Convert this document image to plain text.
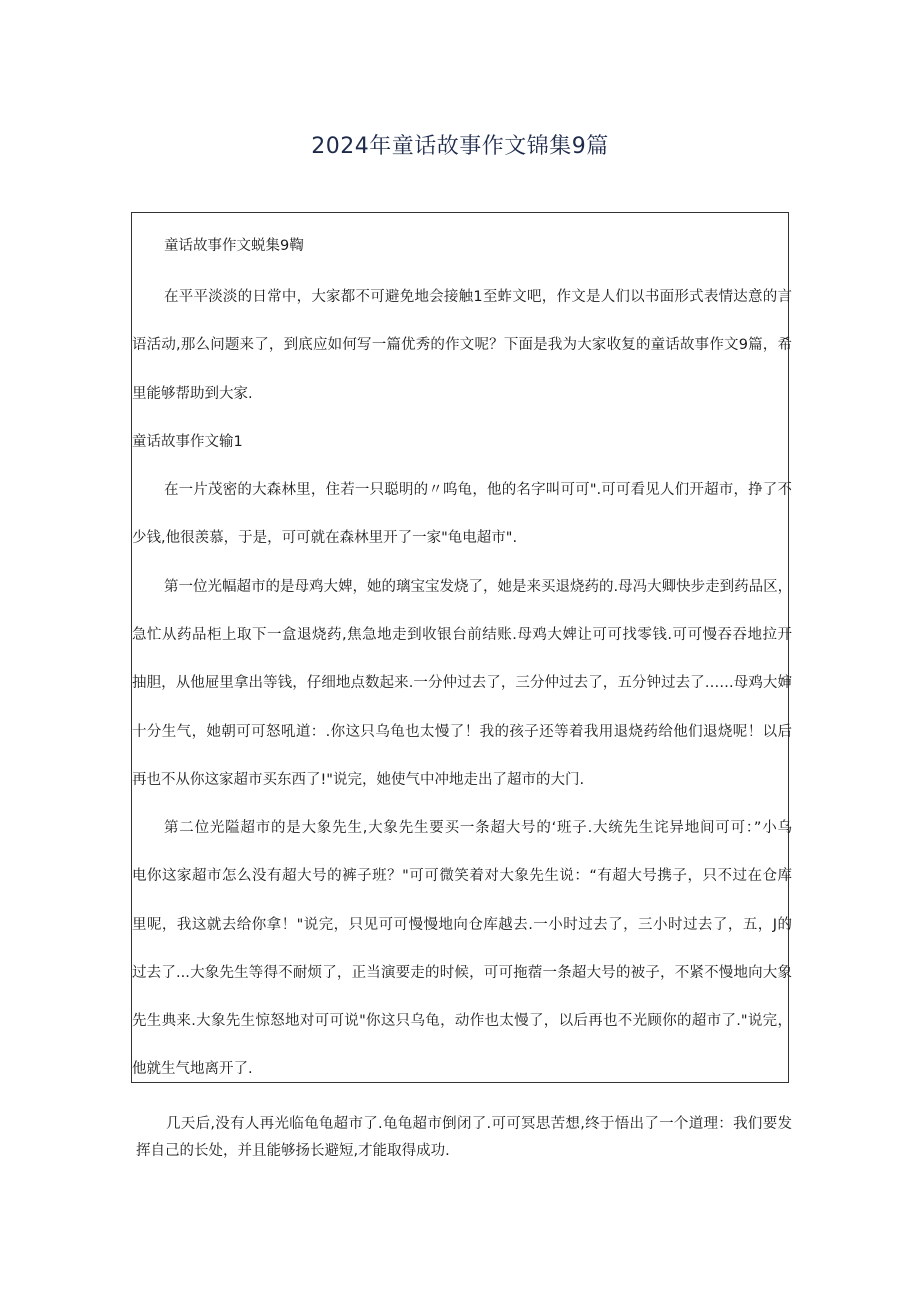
2024年童话故事作文锦集9篇
童话故事作文蜕集9鞫
在平平淡淡的日常中，大家都不可避免地会接触1至蚱文吧，作文是人们以书面形式表情达意的言
语活动,那么问题来了，到底应如何写一篇优秀的作文呢？下面是我为大家收复的童话故事作文9篇，希
里能够帮助到大家.
童话故事作文输1
在一片茂密的大森林里，住若一只聪明的〃呜龟，他的名字叫可可".可可看见人们开超市，挣了不
少钱,他很羡慕，于是，可可就在森林里开了一家"龟电超市".
第一位光幅超市的是母鸡大婢，她的璃宝宝发烧了，她是来买退烧药的.母冯大卿快步走到药品区，
急忙从药品柜上取下一盒退烧药,焦急地走到收银台前结账.母鸡大婢让可可找零钱.可可慢吞吞地拉开
抽胆，从他屉里拿出等钱，仔细地点数起来.一分仲过去了，三分仲过去了，五分钟过去了……母鸡大婶
十分生气，她朝可可怒吼道：.你这只乌龟也太慢了！我的孩子还等着我用退烧药给他们退烧呢！以后
再也不从你这家超市买东西了!"说完，她使气中冲地走出了超市的大门.
第二位光隘超市的是大象先生,大象先生要买一条超大号的‘班子.大统先生诧异地间可可：”小乌
电你这家超市怎么没有超大号的裤子班？"可可微笑着对大象先生说：“有超大号携子，只不过在仓库
里呢，我这就去给你拿！"说完，只见可可慢慢地向仓库越去.一小时过去了，三小时过去了，五，J的
过去了...大象先生等得不耐烦了，正当演要走的时候，可可拖蓿一条超大号的被子，不紧不慢地向大象
先生典来.大象先生惊怒地对可可说"你这只乌龟，动作也太慢了，以后再也不光顾你的超市了."说完，
他就生气地离开了.
几天后,没有人再光临龟龟超市了.龟龟超市倒闭了.可可冥思苦想,终于悟出了一个道理：我们要发
挥自己的长处，并且能够扬长避短,才能取得成功.
